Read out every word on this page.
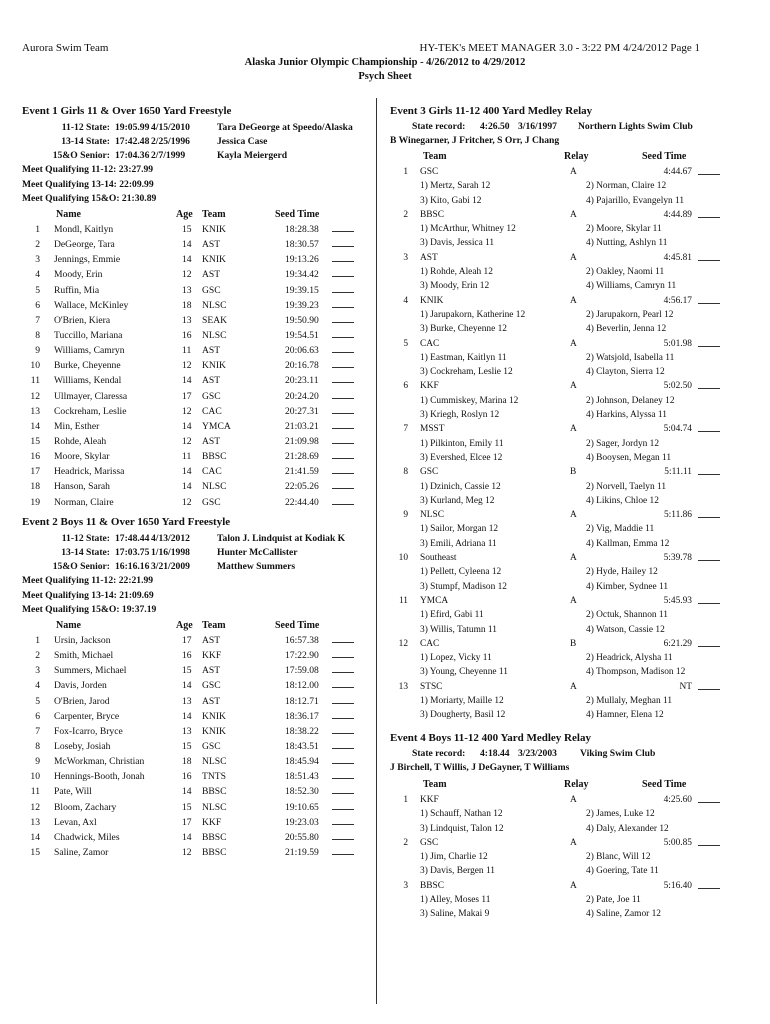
Aurora Swim Team	HY-TEK's MEET MANAGER 3.0 - 3:22 PM 4/24/2012 Page 1
Alaska Junior Olympic Championship - 4/26/2012 to 4/29/2012
Psych Sheet
Event 1 Girls 11 & Over 1650 Yard Freestyle
11-12 State: 19:05.99 4/15/2010	Tara DeGeorge at Speedo/Alaska
13-14 State: 17:42.48 2/25/1996	Jessica Case
15&O Senior: 17:04.36 2/7/1999	Kayla Meiergerd
Meet Qualifying 11-12: 23:27.99
Meet Qualifying 13-14: 22:09.99
Meet Qualifying 15&O: 21:30.89
Name	Age Team	Seed Time
1 Mondl, Kaitlyn	15 KNIK	18:28.38
2 DeGeorge, Tara	14 AST	18:30.57
3 Jennings, Emmie	14 KNIK	19:13.26
4 Moody, Erin	12 AST	19:34.42
5 Ruffin, Mia	13 GSC	19:39.15
6 Wallace, McKinley	18 NLSC	19:39.23
7 O'Brien, Kiera	13 SEAK	19:50.90
8 Tuccillo, Mariana	16 NLSC	19:54.51
9 Williams, Camryn	11 AST	20:06.63
10 Burke, Cheyenne	12 KNIK	20:16.78
11 Williams, Kendal	14 AST	20:23.11
12 Ullmayer, Claressa	17 GSC	20:24.20
13 Cockreham, Leslie	12 CAC	20:27.31
14 Min, Esther	14 YMCA	21:03.21
15 Rohde, Aleah	12 AST	21:09.98
16 Moore, Skylar	11 BBSC	21:28.69
17 Headrick, Marissa	14 CAC	21:41.59
18 Hanson, Sarah	14 NLSC	22:05.26
19 Norman, Claire	12 GSC	22:44.40
Event 2 Boys 11 & Over 1650 Yard Freestyle
11-12 State: 17:48.44 4/13/2012	Talon J. Lindquist at Kodiak K
13-14 State: 17:03.75 1/16/1998	Hunter McCallister
15&O Senior: 16:16.16 3/21/2009	Matthew Summers
Meet Qualifying 11-12: 22:21.99
Meet Qualifying 13-14: 21:09.69
Meet Qualifying 15&O: 19:37.19
Name	Age Team	Seed Time
1 Ursin, Jackson	17 AST	16:57.38
2 Smith, Michael	16 KKF	17:22.90
3 Summers, Michael	15 AST	17:59.08
4 Davis, Jorden	14 GSC	18:12.00
5 O'Brien, Jarod	13 AST	18:12.71
6 Carpenter, Bryce	14 KNIK	18:36.17
7 Fox-Icarro, Bryce	13 KNIK	18:38.22
8 Loseby, Josiah	15 GSC	18:43.51
9 McWorkman, Christian	18 NLSC	18:45.94
10 Hennings-Booth, Jonah	16 TNTS	18:51.43
11 Pate, Will	14 BBSC	18:52.30
12 Bloom, Zachary	15 NLSC	19:10.65
13 Levan, Axl	17 KKF	19:23.03
14 Chadwick, Miles	14 BBSC	20:55.80
15 Saline, Zamor	12 BBSC	21:19.59
Event 3 Girls 11-12 400 Yard Medley Relay
State record: 4:26.50 3/16/1997 Northern Lights Swim Club
B Winegarner, J Fritcher, S Orr, J Chang
Team	Relay	Seed Time
1 GSC	A	4:44.67
1) Mertz, Sarah 12	2) Norman, Claire 12
3) Kito, Gabi 12	4) Pajarillo, Evangelyn 11
2 BBSC	A	4:44.89
1) McArthur, Whitney 12	2) Moore, Skylar 11
3) Davis, Jessica 11	4) Nutting, Ashlyn 11
3 AST	A	4:45.81
1) Rohde, Aleah 12	2) Oakley, Naomi 11
3) Moody, Erin 12	4) Williams, Camryn 11
4 KNIK	A	4:56.17
1) Jarupakorn, Katherine 12	2) Jarupakorn, Pearl 12
3) Burke, Cheyenne 12	4) Beverlin, Jenna 12
5 CAC	A	5:01.98
1) Eastman, Kaitlyn 11	2) Watsjold, Isabella 11
3) Cockreham, Leslie 12	4) Clayton, Sierra 12
6 KKF	A	5:02.50
1) Cummiskey, Marina 12	2) Johnson, Delaney 12
3) Kriegh, Roslyn 12	4) Harkins, Alyssa 11
7 MSST	A	5:04.74
1) Pilkinton, Emily 11	2) Sager, Jordyn 12
3) Evershed, Elcee 12	4) Booysen, Megan 11
8 GSC	B	5:11.11
1) Dzinich, Cassie 12	2) Norvell, Taelyn 11
3) Kurland, Meg 12	4) Likins, Chloe 12
9 NLSC	A	5:11.86
1) Sailor, Morgan 12	2) Vig, Maddie 11
3) Emili, Adriana 11	4) Kallman, Emma 12
10 Southeast	A	5:39.78
1) Pellett, Cyleena 12	2) Hyde, Hailey 12
3) Stumpf, Madison 12	4) Kimber, Sydnee 11
11 YMCA	A	5:45.93
1) Efird, Gabi 11	2) Octuk, Shannon 11
3) Willis, Tatumn 11	4) Watson, Cassie 12
12 CAC	B	6:21.29
1) Lopez, Vicky 11	2) Headrick, Alysha 11
3) Young, Cheyenne 11	4) Thompson, Madison 12
13 STSC	A	NT
1) Moriarty, Maille 12	2) Mullaly, Meghan 11
3) Dougherty, Basil 12	4) Hamner, Elena 12
Event 4 Boys 11-12 400 Yard Medley Relay
State record: 4:18.44 3/23/2003 Viking Swim Club
J Birchell, T Willis, J DeGayner, T Williams
Team	Relay	Seed Time
1 KKF	A	4:25.60
1) Schauff, Nathan 12	2) James, Luke 12
3) Lindquist, Talon 12	4) Daly, Alexander 12
2 GSC	A	5:00.85
1) Jim, Charlie 12	2) Blanc, Will 12
3) Davis, Bergen 11	4) Goering, Tate 11
3 BBSC	A	5:16.40
1) Alley, Moses 11	2) Pate, Joe 11
3) Saline, Makai 9	4) Saline, Zamor 12
